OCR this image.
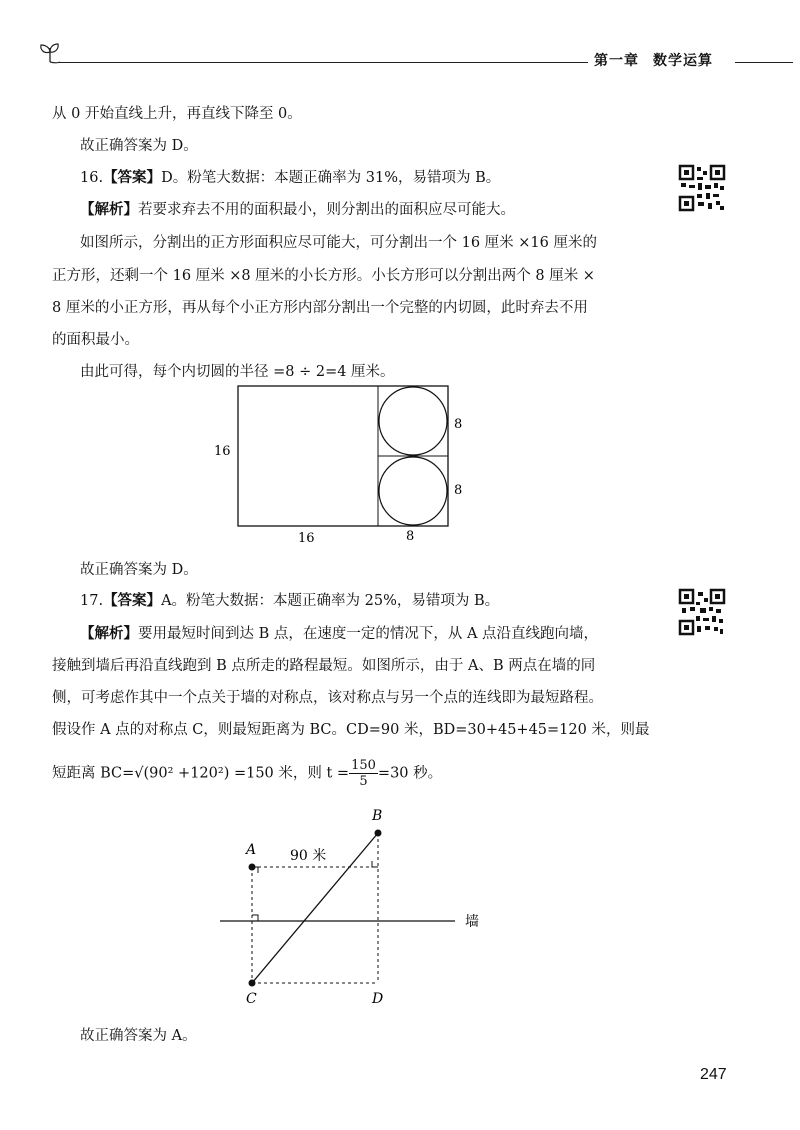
第一章 数学运算
从 0 开始直线上升，再直线下降至 0。
故正确答案为 D。
16.【答案】D。粉笔大数据：本题正确率为 31%，易错项为 B。
【解析】若要求弃去不用的面积最小，则分割出的面积应尽可能大。
如图所示，分割出的正方形面积应尽可能大，可分割出一个 16 厘米 ×16 厘米的
正方形，还剩一个 16 厘米 ×8 厘米的小长方形。小长方形可以分割出两个 8 厘米 ×
8 厘米的小正方形，再从每个小正方形内部分割出一个完整的内切圆，此时弃去不用
的面积最小。
由此可得，每个内切圆的半径 =8 ÷ 2=4 厘米。
16
16	8
8
8
故正确答案为 D。
17.【答案】A。粉笔大数据：本题正确率为 25%，易错项为 B。
【解析】要用最短时间到达 B 点，在速度一定的情况下，从 A 点沿直线跑向墙，
接触到墙后再沿直线跑到 B 点所走的路程最短。如图所示，由于 A、B 两点在墙的同
侧，可考虑作其中一个点关于墙的对称点，该对称点与另一个点的连线即为最短路程。
假设作 A 点的对称点 C，则最短距离为 BC。CD=90 米，BD=30+45+45=120 米，则最
短距离 BC=√(90² +120²) =150 米，则 $t = \frac{150}{5} =30$ 秒。
A
B
C	D
90 米
墙
故正确答案为 A。
247
